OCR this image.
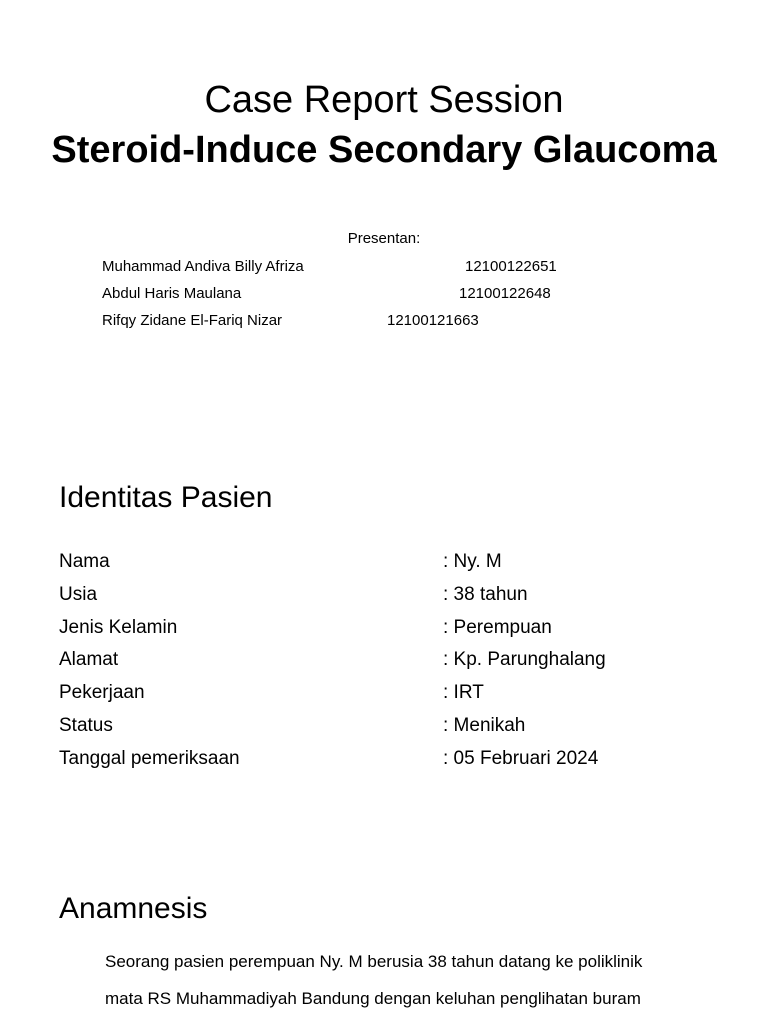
Case Report Session
Steroid-Induce Secondary Glaucoma
Presentan:
Muhammad Andiva Billy Afriza	12100122651
Abdul Haris Maulana	12100122648
Rifqy Zidane El-Fariq Nizar	12100121663
Identitas Pasien
Nama	: Ny. M
Usia	: 38 tahun
Jenis Kelamin	: Perempuan
Alamat	: Kp. Parunghalang
Pekerjaan	: IRT
Status	: Menikah
Tanggal pemeriksaan	: 05 Februari 2024
Anamnesis
Seorang pasien perempuan Ny. M berusia 38 tahun datang ke poliklinik
mata RS Muhammadiyah Bandung dengan keluhan penglihatan buram
